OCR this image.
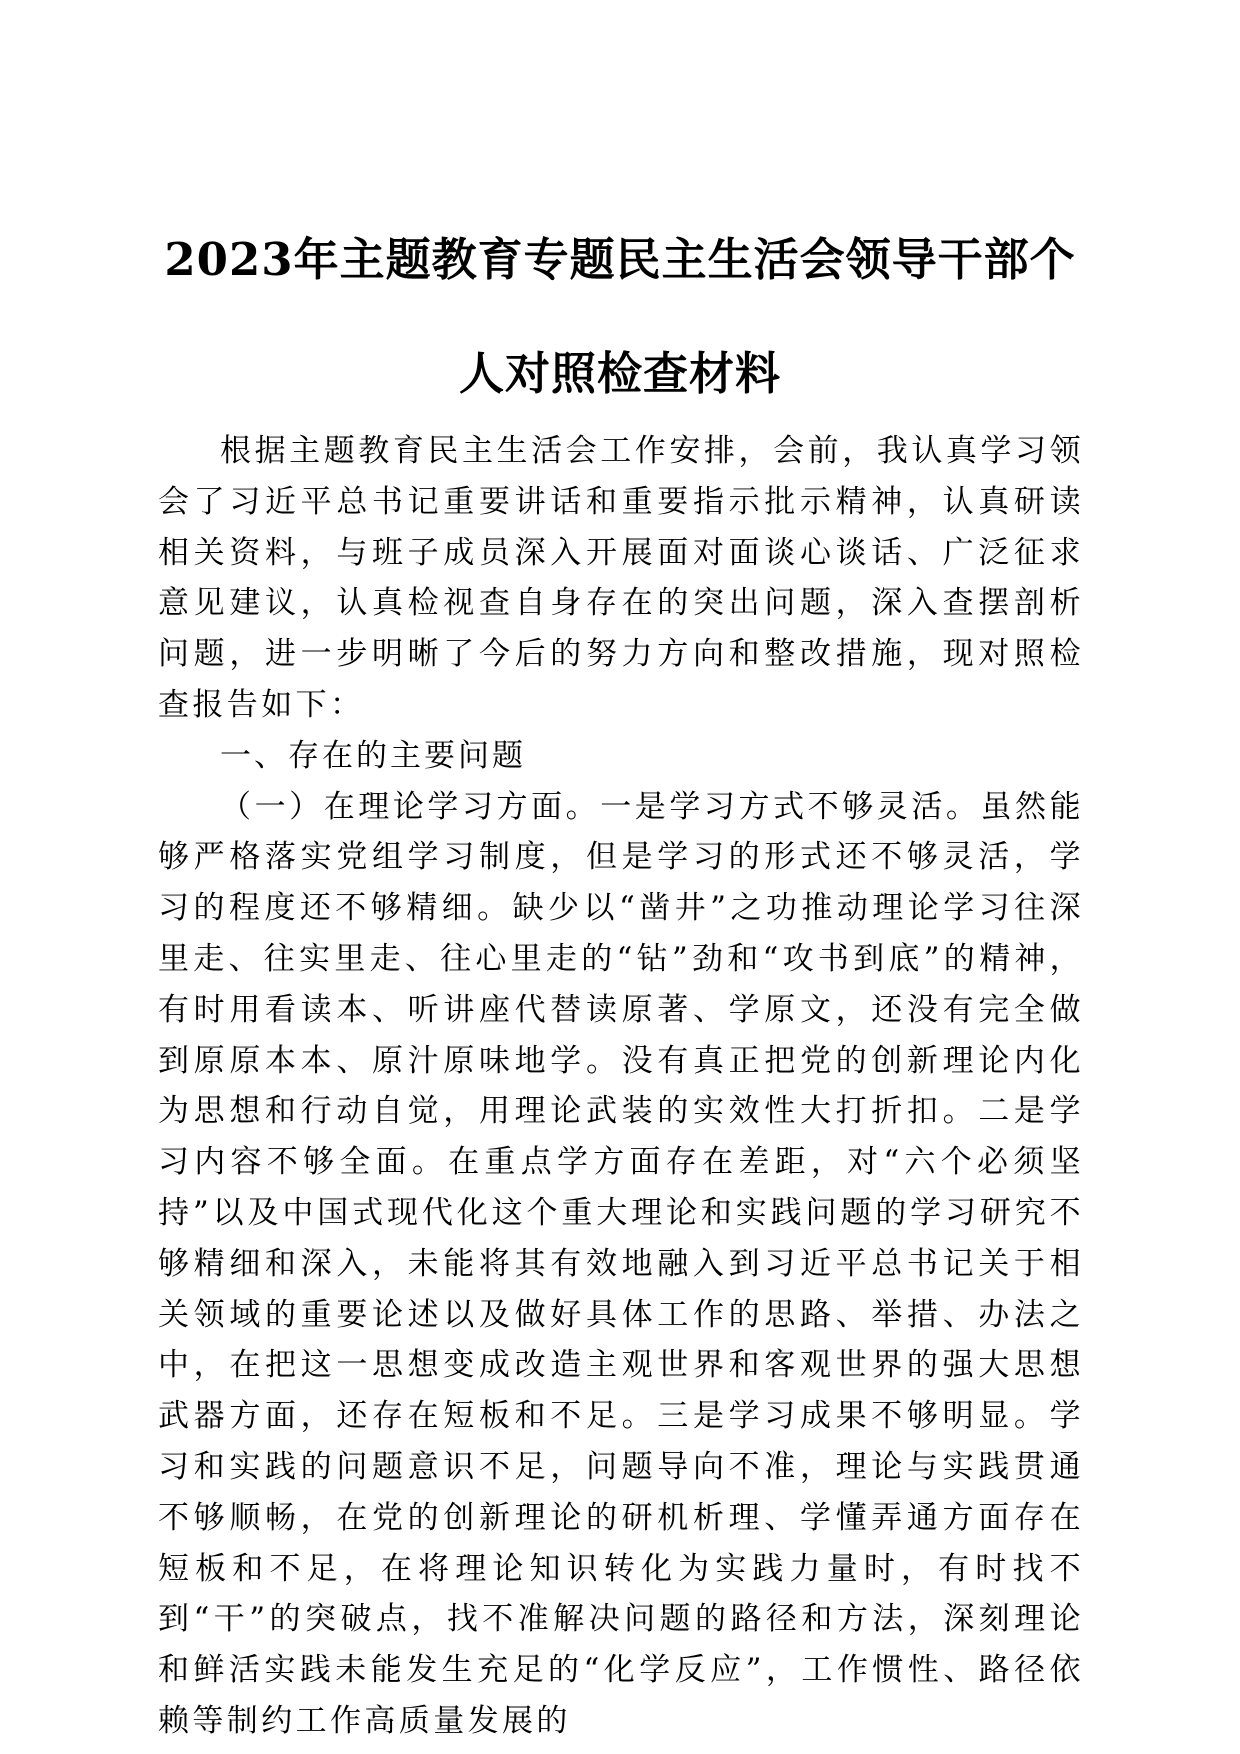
2023年主题教育专题民主生活会领导干部个
人对照检查材料

根据主题教育民主生活会工作安排，会前，我认真学习领会了习近平总书记重要讲话和重要指示批示精神，认真研读相关资料，与班子成员深入开展面对面谈心谈话、广泛征求意见建议，认真检视查自身存在的突出问题，深入查摆剖析问题，进一步明晰了今后的努力方向和整改措施，现对照检查报告如下：

一、存在的主要问题

（一）在理论学习方面。一是学习方式不够灵活。虽然能够严格落实党组学习制度，但是学习的形式还不够灵活，学习的程度还不够精细。缺少以“凿井”之功推动理论学习往深里走、往实里走、往心里走的“钻”劲和“攻书到底”的精神，有时用看读本、听讲座代替读原著、学原文，还没有完全做到原原本本、原汁原味地学。没有真正把党的创新理论内化为思想和行动自觉，用理论武装的实效性大打折扣。二是学习内容不够全面。在重点学方面存在差距，对“六个必须坚持”以及中国式现代化这个重大理论和实践问题的学习研究不够精细和深入，未能将其有效地融入到习近平总书记关于相关领域的重要论述以及做好具体工作的思路、举措、办法之中，在把这一思想变成改造主观世界和客观世界的强大思想武器方面，还存在短板和不足。三是学习成果不够明显。学习和实践的问题意识不足，问题导向不准，理论与实践贯通不够顺畅，在党的创新理论的研机析理、学懂弄通方面存在短板和不足，在将理论知识转化为实践力量时，有时找不到“干”的突破点，找不准解决问题的路径和方法，深刻理论和鲜活实践未能发生充足的“化学反应”，工作惯性、路径依赖等制约工作高质量发展的
